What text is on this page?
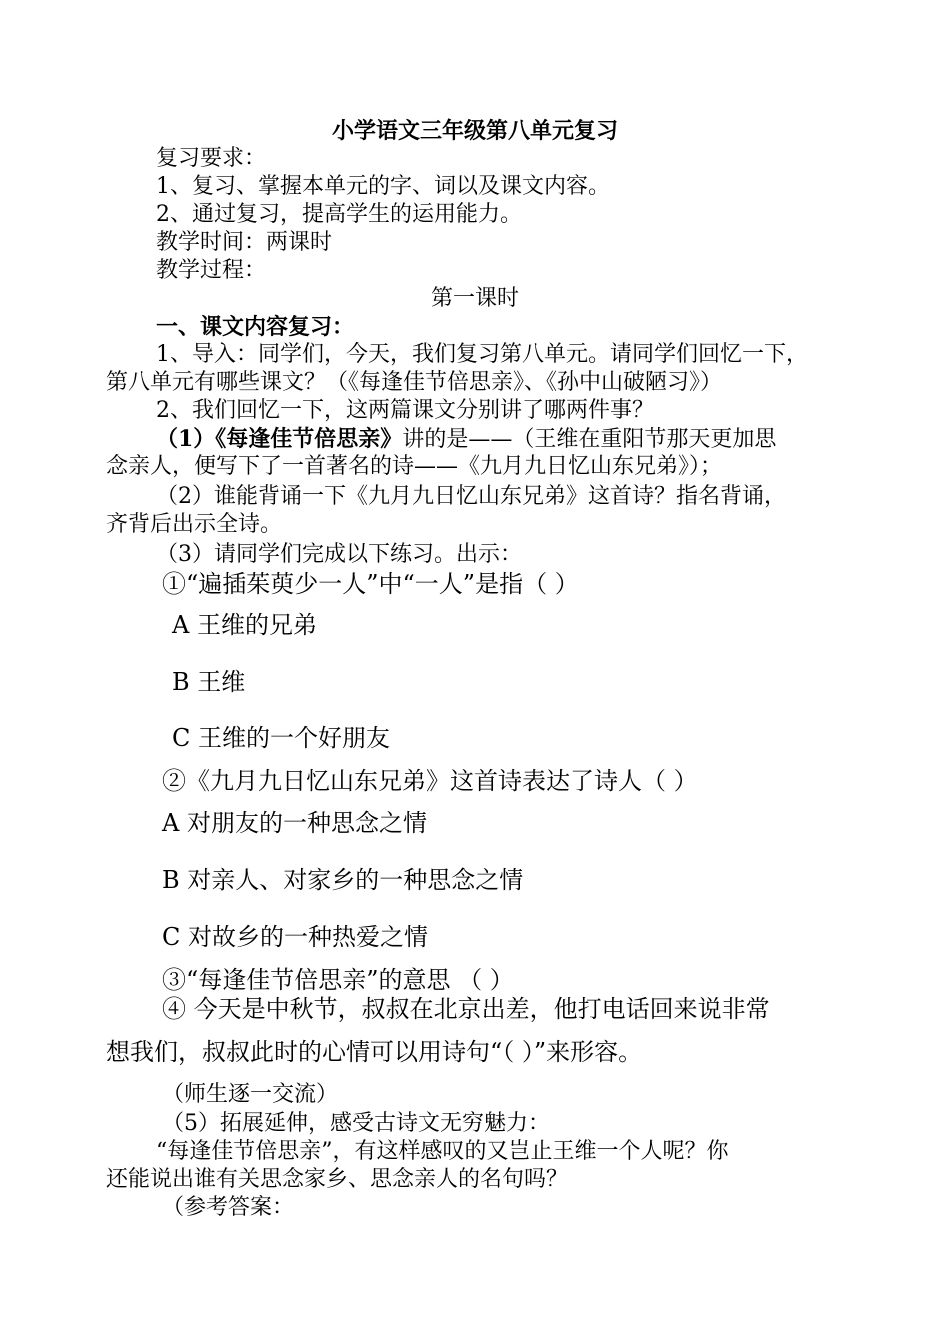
小学语文三年级第八单元复习
复习要求：
1、复习、掌握本单元的字、词以及课文内容。
2、通过复习，提高学生的运用能力。
教学时间：两课时
教学过程：
第一课时
一、课文内容复习：
1、导入：同学们，今天，我们复习第八单元。请同学们回忆一下，
第八单元有哪些课文？（《每逢佳节倍思亲》、《孙中山破陋习》）
2、我们回忆一下，这两篇课文分别讲了哪两件事？
（1）《每逢佳节倍思亲》讲的是——（王维在重阳节那天更加思
念亲人，便写下了一首著名的诗——《九月九日忆山东兄弟》）；
（2）谁能背诵一下《九月九日忆山东兄弟》这首诗？指名背诵，
齐背后出示全诗。
（3）请同学们完成以下练习。出示：
①“遍插茱萸少一人”中“一人”是指（ ）
A 王维的兄弟
B 王维
C 王维的一个好朋友
②《九月九日忆山东兄弟》这首诗表达了诗人（ ）
A 对朋友的一种思念之情
B 对亲人、对家乡的一种思念之情
C 对故乡的一种热爱之情
③“每逢佳节倍思亲”的意思 （ ）
④ 今天是中秋节，叔叔在北京出差，他打电话回来说非常
想我们，叔叔此时的心情可以用诗句“（ ）”来形容。
（师生逐一交流）
（5）拓展延伸，感受古诗文无穷魅力：
“每逢佳节倍思亲”，有这样感叹的又岂止王维一个人呢？你
还能说出谁有关思念家乡、思念亲人的名句吗？
（参考答案：
